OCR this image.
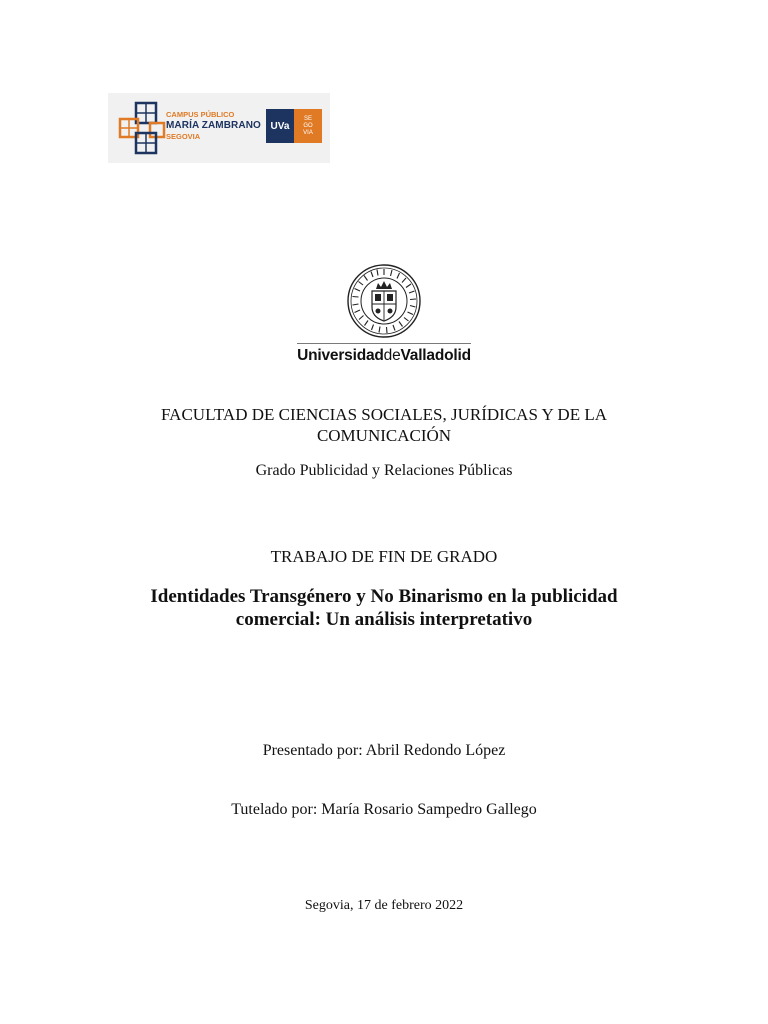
CAMPUS PÚBLICO
MARÍA ZAMBRANO
SEGOVIA
UVa
SE
GO
VIA
UniversidaddeValladolid
FACULTAD DE CIENCIAS SOCIALES, JURÍDICAS Y DE LA COMUNICACIÓN
Grado Publicidad y Relaciones Públicas
TRABAJO DE FIN DE GRADO
Identidades Transgénero y No Binarismo en la publicidad
comercial: Un análisis interpretativo
Presentado por: Abril Redondo López
Tutelado por: María Rosario Sampedro Gallego
Segovia, 17 de febrero 2022
